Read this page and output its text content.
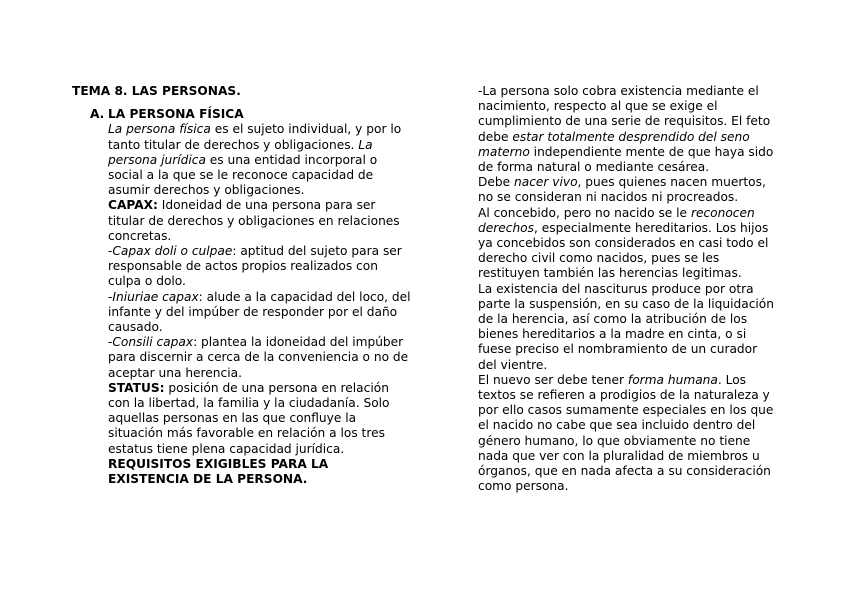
TEMA 8. LAS PERSONAS.

A. LA PERSONA FÍSICA

La persona física es el sujeto individual, y por lo tanto titular de derechos y obligaciones. La persona jurídica es una entidad incorporal o social a la que se le reconoce capacidad de asumir derechos y obligaciones.

CAPAX: Idoneidad de una persona para ser titular de derechos y obligaciones en relaciones concretas.

-Capax doli o culpae: aptitud del sujeto para ser responsable de actos propios realizados con culpa o dolo.

-Iniuriae capax: alude a la capacidad del loco, del infante y del impúber de responder por el daño causado.

-Consili capax: plantea la idoneidad del impúber para discernir a cerca de la conveniencia o no de aceptar una herencia.

STATUS: posición de una persona en relación con la libertad, la familia y la ciudadanía. Solo aquellas personas en las que confluye la situación más favorable en relación a los tres estatus tiene plena capacidad jurídica.

REQUISITOS EXIGIBLES PARA LA EXISTENCIA DE LA PERSONA.

-La persona solo cobra existencia mediante el nacimiento, respecto al que se exige el cumplimiento de una serie de requisitos. El feto debe estar totalmente desprendido del seno materno independiente mente de que haya sido de forma natural o mediante cesárea.

Debe nacer vivo, pues quienes nacen muertos, no se consideran ni nacidos ni procreados.

Al concebido, pero no nacido se le reconocen derechos, especialmente hereditarios. Los hijos ya concebidos son considerados en casi todo el derecho civil como nacidos, pues se les restituyen también las herencias legitimas.

La existencia del nasciturus produce por otra parte la suspensión, en su caso de la liquidación de la herencia, así como la atribución de los bienes hereditarios a la madre en cinta, o si fuese preciso el nombramiento de un curador del vientre.

El nuevo ser debe tener forma humana. Los textos se refieren a prodigios de la naturaleza y por ello casos sumamente especiales en los que el nacido no cabe que sea incluido dentro del género humano, lo que obviamente no tiene nada que ver con la pluralidad de miembros u órganos, que en nada afecta a su consideración como persona.
